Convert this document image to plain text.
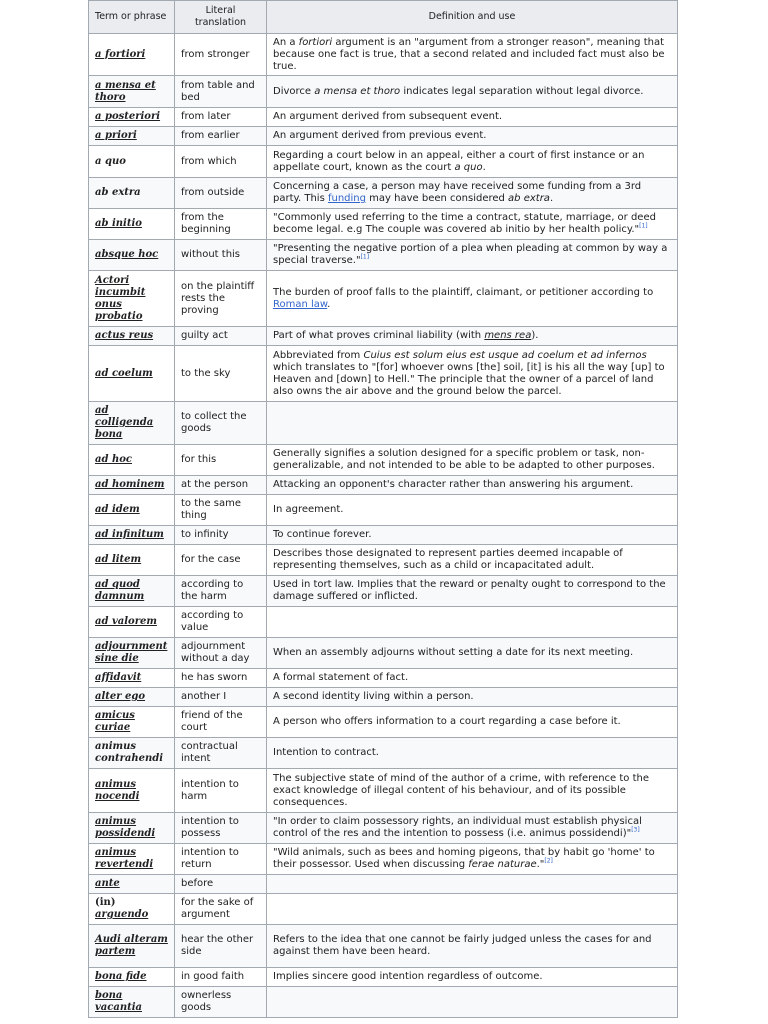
Term or phrase	Literal translation	Definition and use
a fortiori	from stronger	An a fortiori argument is an "argument from a stronger reason", meaning that because one fact is true, that a second related and included fact must also be true.
a mensa et thoro	from table and bed	Divorce a mensa et thoro indicates legal separation without legal divorce.
a posteriori	from later	An argument derived from subsequent event.
a priori	from earlier	An argument derived from previous event.
a quo	from which	Regarding a court below in an appeal, either a court of first instance or an appellate court, known as the court a quo.
ab extra	from outside	Concerning a case, a person may have received some funding from a 3rd party. This funding may have been considered ab extra.
ab initio	from the beginning	"Commonly used referring to the time a contract, statute, marriage, or deed become legal. e.g The couple was covered ab initio by her health policy."[1]
absque hoc	without this	"Presenting the negative portion of a plea when pleading at common by way a special traverse."[1]
Actori incumbit onus probatio	on the plaintiff rests the proving	The burden of proof falls to the plaintiff, claimant, or petitioner according to Roman law.
actus reus	guilty act	Part of what proves criminal liability (with mens rea).
ad coelum	to the sky	Abbreviated from Cuius est solum eius est usque ad coelum et ad infernos which translates to "[for] whoever owns [the] soil, [it] is his all the way [up] to Heaven and [down] to Hell." The principle that the owner of a parcel of land also owns the air above and the ground below the parcel.
ad colligenda bona	to collect the goods	
ad hoc	for this	Generally signifies a solution designed for a specific problem or task, non-generalizable, and not intended to be able to be adapted to other purposes.
ad hominem	at the person	Attacking an opponent's character rather than answering his argument.
ad idem	to the same thing	In agreement.
ad infinitum	to infinity	To continue forever.
ad litem	for the case	Describes those designated to represent parties deemed incapable of representing themselves, such as a child or incapacitated adult.
ad quod damnum	according to the harm	Used in tort law. Implies that the reward or penalty ought to correspond to the damage suffered or inflicted.
ad valorem	according to value	
adjournment sine die	adjournment without a day	When an assembly adjourns without setting a date for its next meeting.
affidavit	he has sworn	A formal statement of fact.
alter ego	another I	A second identity living within a person.
amicus curiae	friend of the court	A person who offers information to a court regarding a case before it.
animus contrahendi	contractual intent	Intention to contract.
animus nocendi	intention to harm	The subjective state of mind of the author of a crime, with reference to the exact knowledge of illegal content of his behaviour, and of its possible consequences.
animus possidendi	intention to possess	"In order to claim possessory rights, an individual must establish physical control of the res and the intention to possess (i.e. animus possidendi)"[3]
animus revertendi	intention to return	"Wild animals, such as bees and homing pigeons, that by habit go 'home' to their possessor. Used when discussing ferae naturae."[2]
ante	before	
(in) arguendo	for the sake of argument	
Audi alteram partem	hear the other side	Refers to the idea that one cannot be fairly judged unless the cases for and against them have been heard.
bona fide	in good faith	Implies sincere good intention regardless of outcome.
bona vacantia	ownerless goods	
